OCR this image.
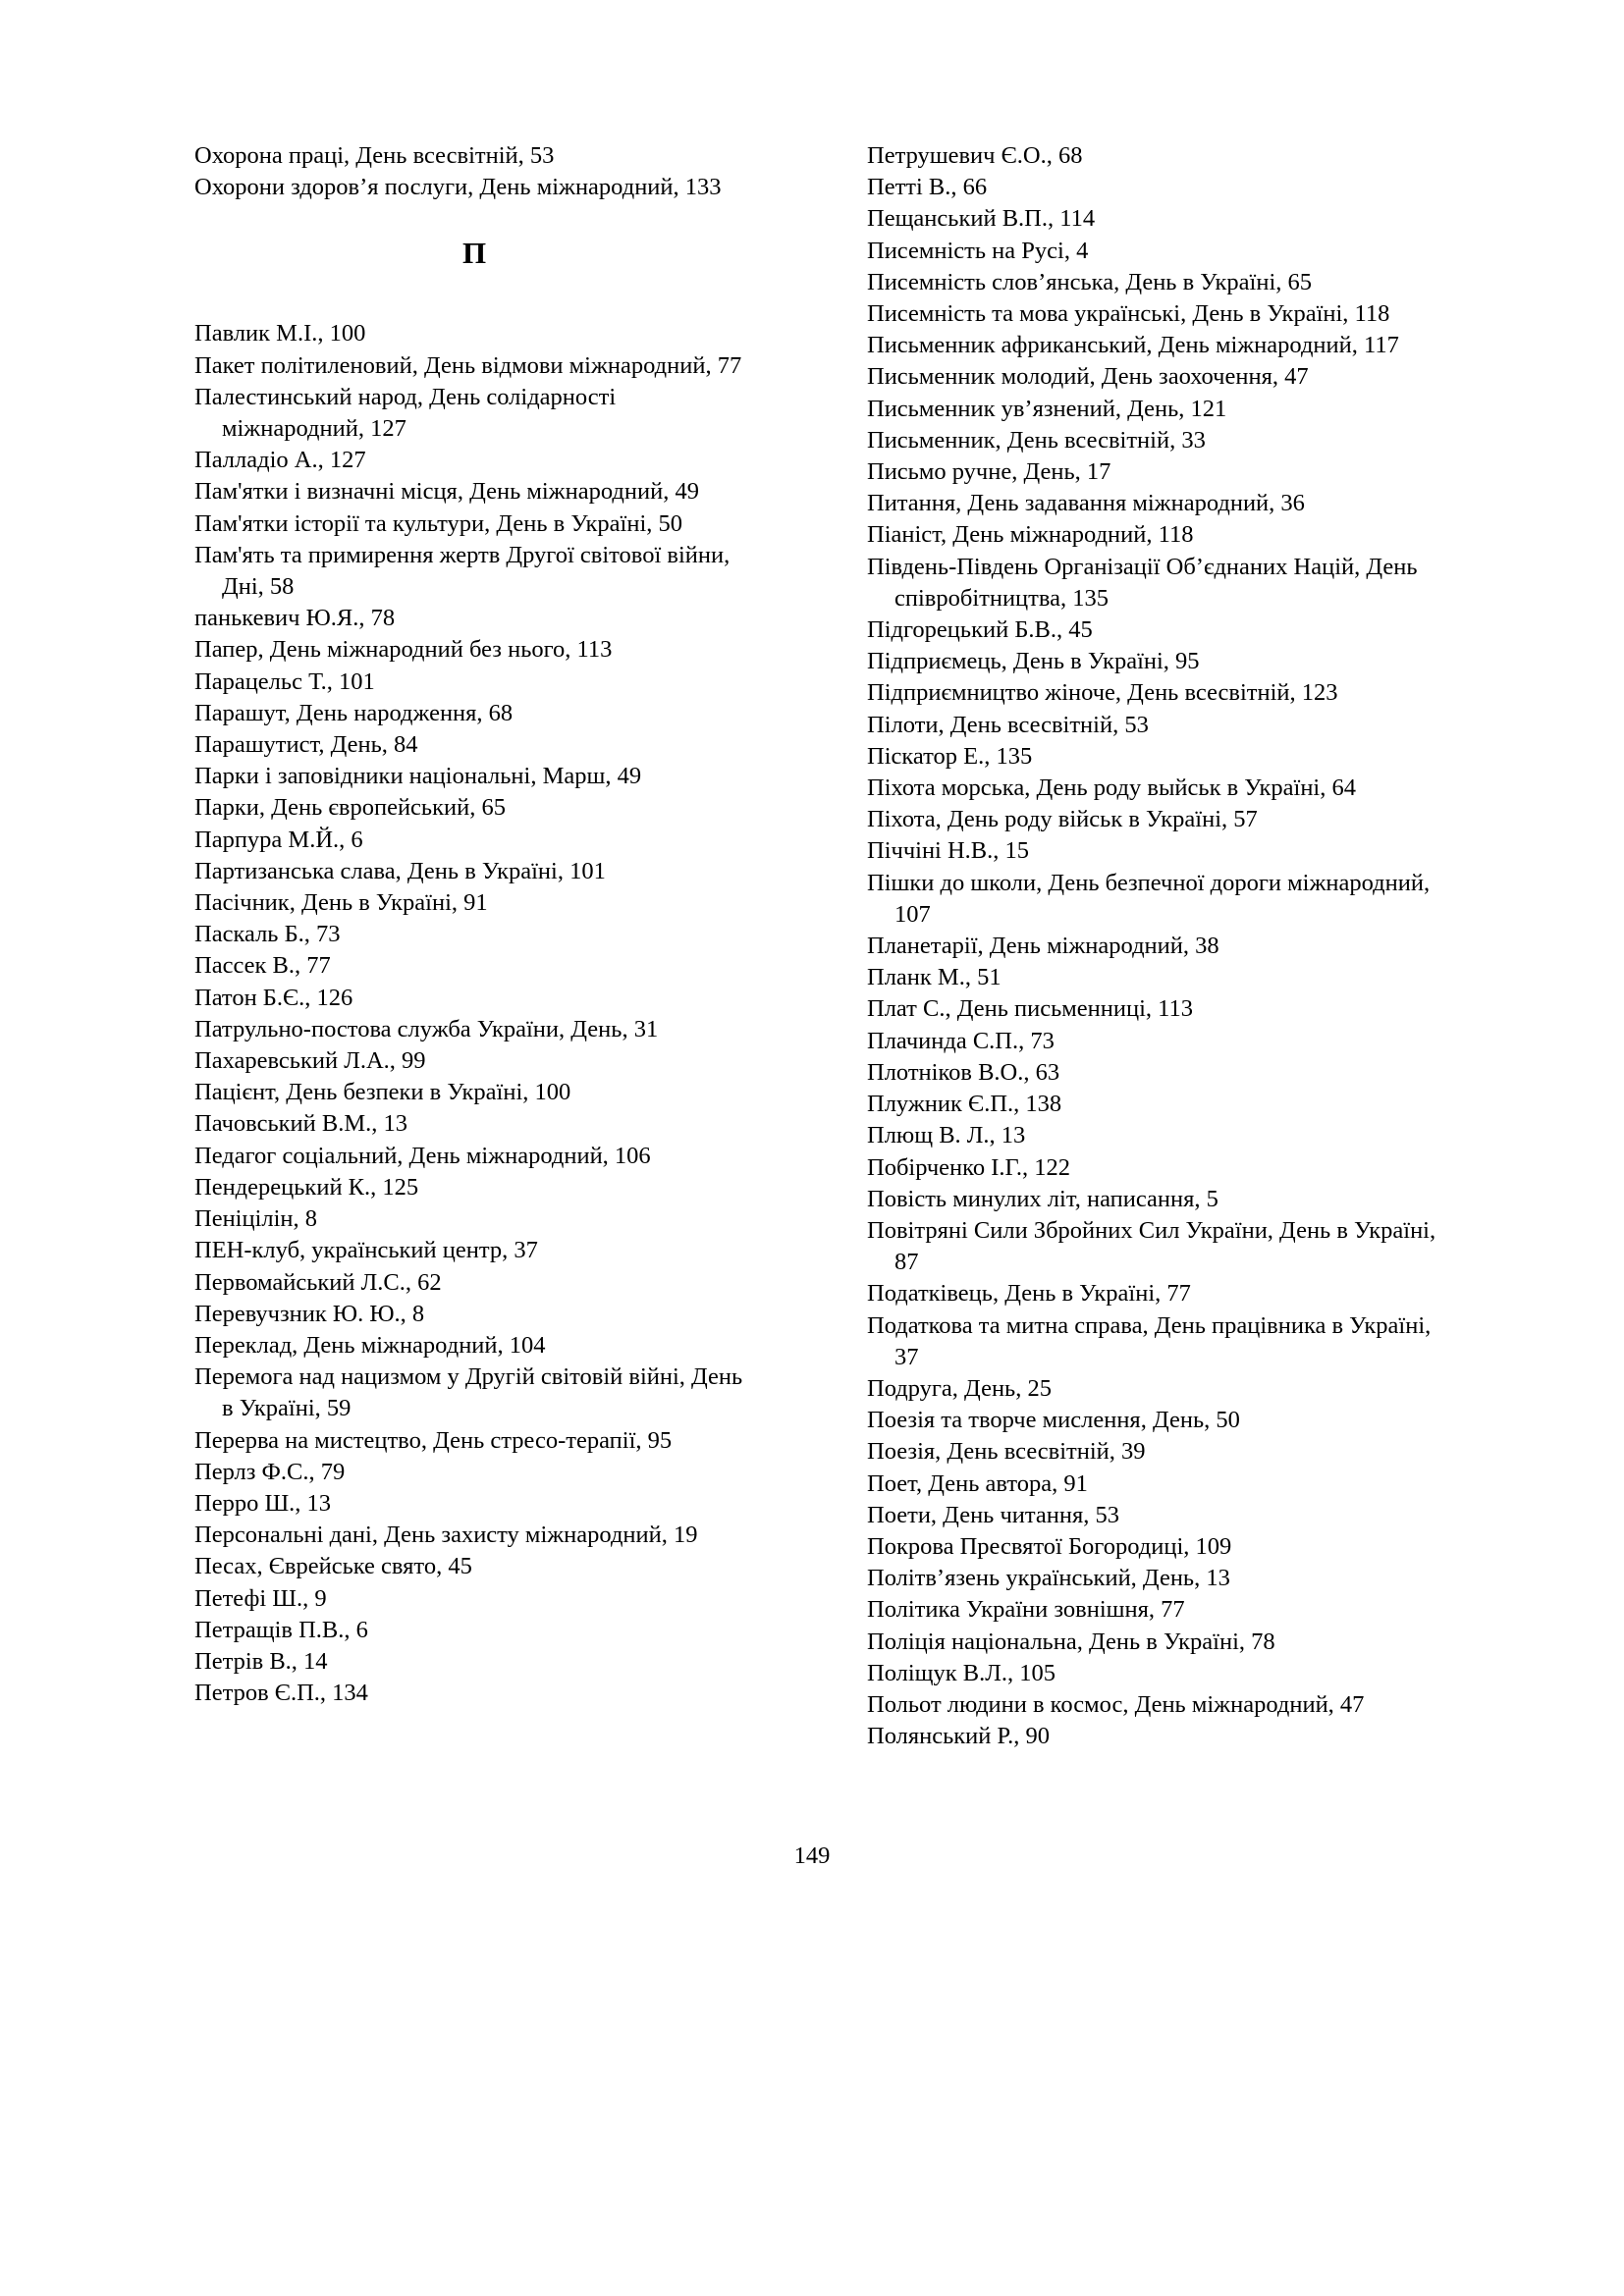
Охорона праці, День всесвітній, 53
Охорони здоров’я послуги, День міжнародний, 133
П
Павлик М.І., 100
Пакет політиленовий, День відмови міжнародний, 77
Палестинський народ, День солідарності міжнародний, 127
Палладіо А., 127
Пам'ятки і визначні місця, День міжнародний, 49
Пам'ятки історії та культури, День в Україні, 50
Пам'ять та примирення жертв Другої світової війни, Дні, 58
панькевич Ю.Я., 78
Папер, День міжнародний без нього, 113
Парацельс Т., 101
Парашут, День народження, 68
Парашутист, День, 84
Парки і заповідники національні, Марш, 49
Парки, День європейський, 65
Парпура М.Й., 6
Партизанська слава, День в Україні, 101
Пасічник, День в Україні, 91
Паскаль Б., 73
Пассек В., 77
Патон Б.Є., 126
Патрульно-постова служба України, День, 31
Пахаревський Л.А., 99
Пацієнт, День безпеки в Україні, 100
Пачовський В.М., 13
Педагог соціальний, День міжнародний, 106
Пендерецький К., 125
Пеніцілін, 8
ПЕН-клуб, український центр, 37
Первомайський Л.С., 62
Перевучзник Ю. Ю., 8
Переклад, День міжнародний, 104
Перемога над нацизмом у Другій світовій війні, День в Україні, 59
Перерва на мистецтво, День стресо-терапії, 95
Перлз Ф.С., 79
Перро Ш., 13
Персональні дані, День захисту міжнародний, 19
Песах, Єврейське свято, 45
Петефі Ш., 9
Петращів П.В., 6
Петрів В., 14
Петров Є.П., 134
Петрушевич Є.О., 68
Петті В., 66
Пещанський В.П., 114
Писемність на Русі, 4
Писемність слов’янська, День в Україні, 65
Писемність та мова українські, День в Україні, 118
Письменник африканський, День міжнародний, 117
Письменник молодий, День заохочення, 47
Письменник ув’язнений, День, 121
Письменник, День всесвітній, 33
Письмо ручне, День, 17
Питання, День задавання міжнародний, 36
Піаніст, День міжнародний, 118
Південь-Південь Організації Об’єднаних Націй, День співробітництва, 135
Підгорецький Б.В., 45
Підприємець, День в Україні, 95
Підприємництво жіноче, День всесвітній, 123
Пілоти, День всесвітній, 53
Піскатор Е., 135
Піхота морська, День роду выйськ в Україні, 64
Піхота, День роду військ в Україні, 57
Піччіні Н.В., 15
Пішки до школи, День безпечної дороги міжнародний, 107
Планетарії, День міжнародний, 38
Планк М., 51
Плат С., День письменниці, 113
Плачинда С.П., 73
Плотніков В.О., 63
Плужник Є.П., 138
Плющ В. Л., 13
Побірченко І.Г., 122
Повість минулих літ, написання, 5
Повітряні Сили Збройних Сил України, День в Україні, 87
Податківець, День в Україні, 77
Податкова та митна справа, День працівника в Україні, 37
Подруга, День, 25
Поезія та творче мислення, День, 50
Поезія, День всесвітній, 39
Поет, День автора, 91
Поети, День читання, 53
Покрова Пресвятої Богородиці, 109
Політв’язень український, День, 13
Політика України зовнішня, 77
Поліція національна, День в Україні, 78
Поліщук В.Л., 105
Польот людини в космос, День міжнародний, 47
Полянський Р., 90
149
